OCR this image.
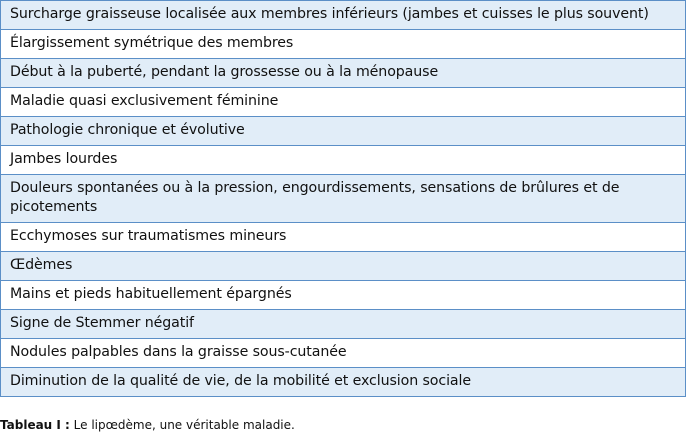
Surcharge graisseuse localisée aux membres inférieurs (jambes et cuisses le plus souvent)
Élargissement symétrique des membres
Début à la puberté, pendant la grossesse ou à la ménopause
Maladie quasi exclusivement féminine
Pathologie chronique et évolutive
Jambes lourdes
Douleurs spontanées ou à la pression, engourdissements, sensations de brûlures et de picotements
Ecchymoses sur traumatismes mineurs
Œdèmes
Mains et pieds habituellement épargnés
Signe de Stemmer négatif
Nodules palpables dans la graisse sous-cutanée
Diminution de la qualité de vie, de la mobilité et exclusion sociale
Tableau I : Le lipœdème, une véritable maladie.
